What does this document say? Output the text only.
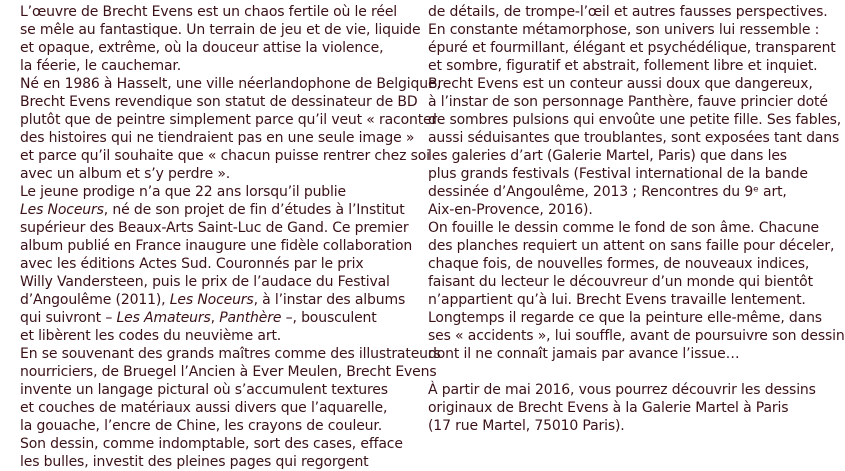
L’œuvre de Brecht Evens est un chaos fertile où le réel
se mêle au fantastique. Un terrain de jeu et de vie, liquide
et opaque, extrême, où la douceur attise la violence,
la féerie, le cauchemar.
Né en 1986 à Hasselt, une ville néerlandophone de Belgique,
Brecht Evens revendique son statut de dessinateur de BD
plutôt que de peintre simplement parce qu’il veut « raconter
des histoires qui ne tiendraient pas en une seule image »
et parce qu’il souhaite que « chacun puisse rentrer chez soi
avec un album et s’y perdre ».
Le jeune prodige n’a que 22 ans lorsqu’il publie
Les Noceurs, né de son projet de fin d’études à l’Institut
supérieur des Beaux-Arts Saint-Luc de Gand. Ce premier
album publié en France inaugure une fidèle collaboration
avec les éditions Actes Sud. Couronnés par le prix
Willy Vandersteen, puis le prix de l’audace du Festival
d’Angoulême (2011), Les Noceurs, à l’instar des albums
qui suivront – Les Amateurs, Panthère –, bousculent
et libèrent les codes du neuvième art.
En se souvenant des grands maîtres comme des illustrateurs
nourriciers, de Bruegel l’Ancien à Ever Meulen, Brecht Evens
invente un langage pictural où s’accumulent textures
et couches de matériaux aussi divers que l’aquarelle,
la gouache, l’encre de Chine, les crayons de couleur.
Son dessin, comme indomptable, sort des cases, efface
les bulles, investit des pleines pages qui regorgent
de détails, de trompe-l’œil et autres fausses perspectives.
En constante métamorphose, son univers lui ressemble :
épuré et fourmillant, élégant et psychédélique, transparent
et sombre, figuratif et abstrait, follement libre et inquiet.
Brecht Evens est un conteur aussi doux que dangereux,
à l’instar de son personnage Panthère, fauve princier doté
de sombres pulsions qui envoûte une petite fille. Ses fables,
aussi séduisantes que troublantes, sont exposées tant dans
les galeries d’art (Galerie Martel, Paris) que dans les
plus grands festivals (Festival international de la bande
dessinée d’Angoulême, 2013 ; Rencontres du 9ᵉ art,
Aix-en-Provence, 2016).
On fouille le dessin comme le fond de son âme. Chacune
des planches requiert un attent on sans faille pour déceler,
chaque fois, de nouvelles formes, de nouveaux indices,
faisant du lecteur le découvreur d’un monde qui bientôt
n’appartient qu’à lui. Brecht Evens travaille lentement.
Longtemps il regarde ce que la peinture elle-même, dans
ses « accidents », lui souffle, avant de poursuivre son dessin
dont il ne connaît jamais par avance l’issue…
À partir de mai 2016, vous pourrez découvrir les dessins
originaux de Brecht Evens à la Galerie Martel à Paris
(17 rue Martel, 75010 Paris).
